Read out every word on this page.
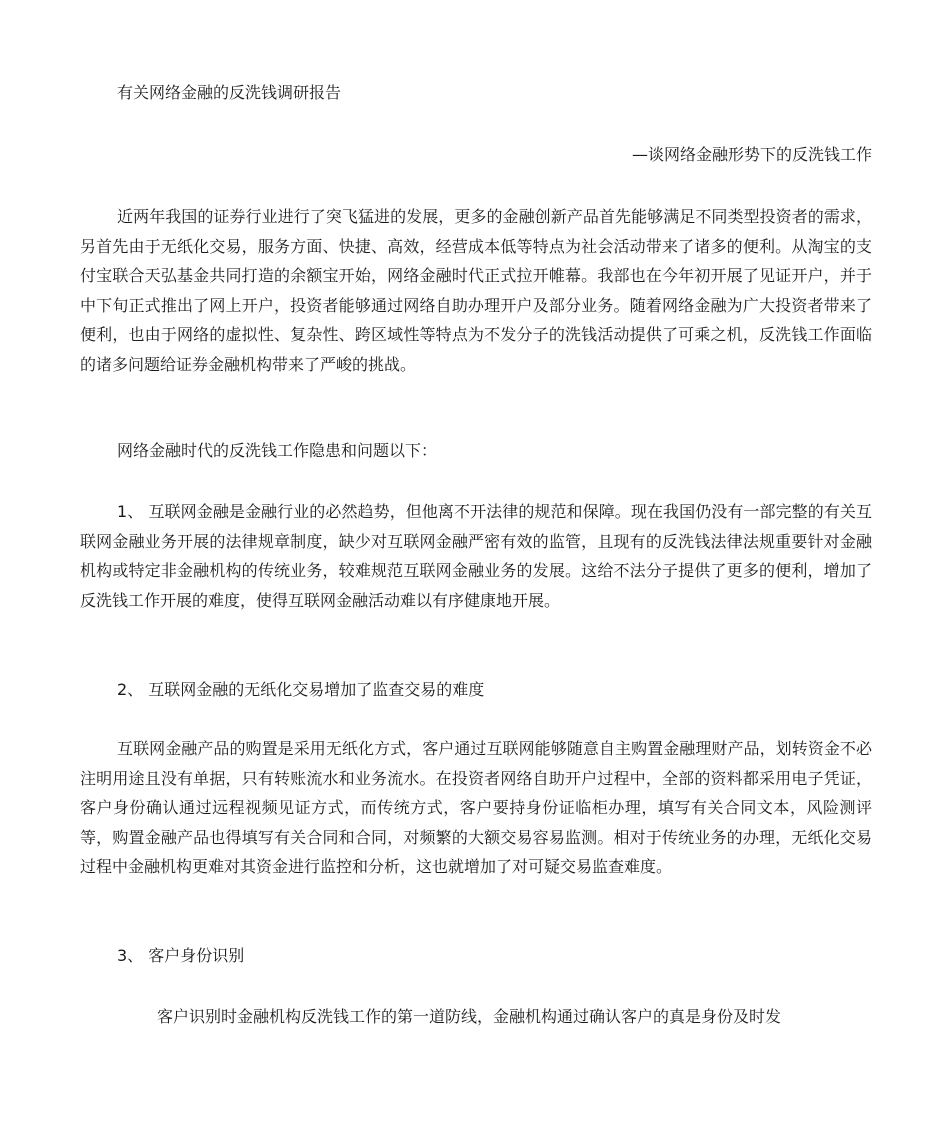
有关网络金融的反洗钱调研报告
—谈网络金融形势下的反洗钱工作
近两年我国的证券行业进行了突飞猛进的发展，更多的金融创新产品首先能够满足不同类型投资者的需求，另首先由于无纸化交易，服务方面、快捷、高效，经营成本低等特点为社会活动带来了诸多的便利。从淘宝的支付宝联合天弘基金共同打造的余额宝开始，网络金融时代正式拉开帷幕。我部也在今年初开展了见证开户，并于中下旬正式推出了网上开户，投资者能够通过网络自助办理开户及部分业务。随着网络金融为广大投资者带来了便利，也由于网络的虚拟性、复杂性、跨区域性等特点为不发分子的洗钱活动提供了可乘之机，反洗钱工作面临的诸多问题给证券金融机构带来了严峻的挑战。
网络金融时代的反洗钱工作隐患和问题以下：
1、 互联网金融是金融行业的必然趋势，但他离不开法律的规范和保障。现在我国仍没有一部完整的有关互联网金融业务开展的法律规章制度，缺少对互联网金融严密有效的监管，且现有的反洗钱法律法规重要针对金融机构或特定非金融机构的传统业务，较难规范互联网金融业务的发展。这给不法分子提供了更多的便利，增加了反洗钱工作开展的难度，使得互联网金融活动难以有序健康地开展。
2、 互联网金融的无纸化交易增加了监查交易的难度
互联网金融产品的购置是采用无纸化方式，客户通过互联网能够随意自主购置金融理财产品，划转资金不必注明用途且没有单据，只有转账流水和业务流水。在投资者网络自助开户过程中，全部的资料都采用电子凭证，客户身份确认通过远程视频见证方式，而传统方式，客户要持身份证临柜办理，填写有关合同文本，风险测评等，购置金融产品也得填写有关合同和合同，对频繁的大额交易容易监测。相对于传统业务的办理，无纸化交易过程中金融机构更难对其资金进行监控和分析，这也就增加了对可疑交易监查难度。
3、 客户身份识别
客户识别时金融机构反洗钱工作的第一道防线，金融机构通过确认客户的真是身份及时发
